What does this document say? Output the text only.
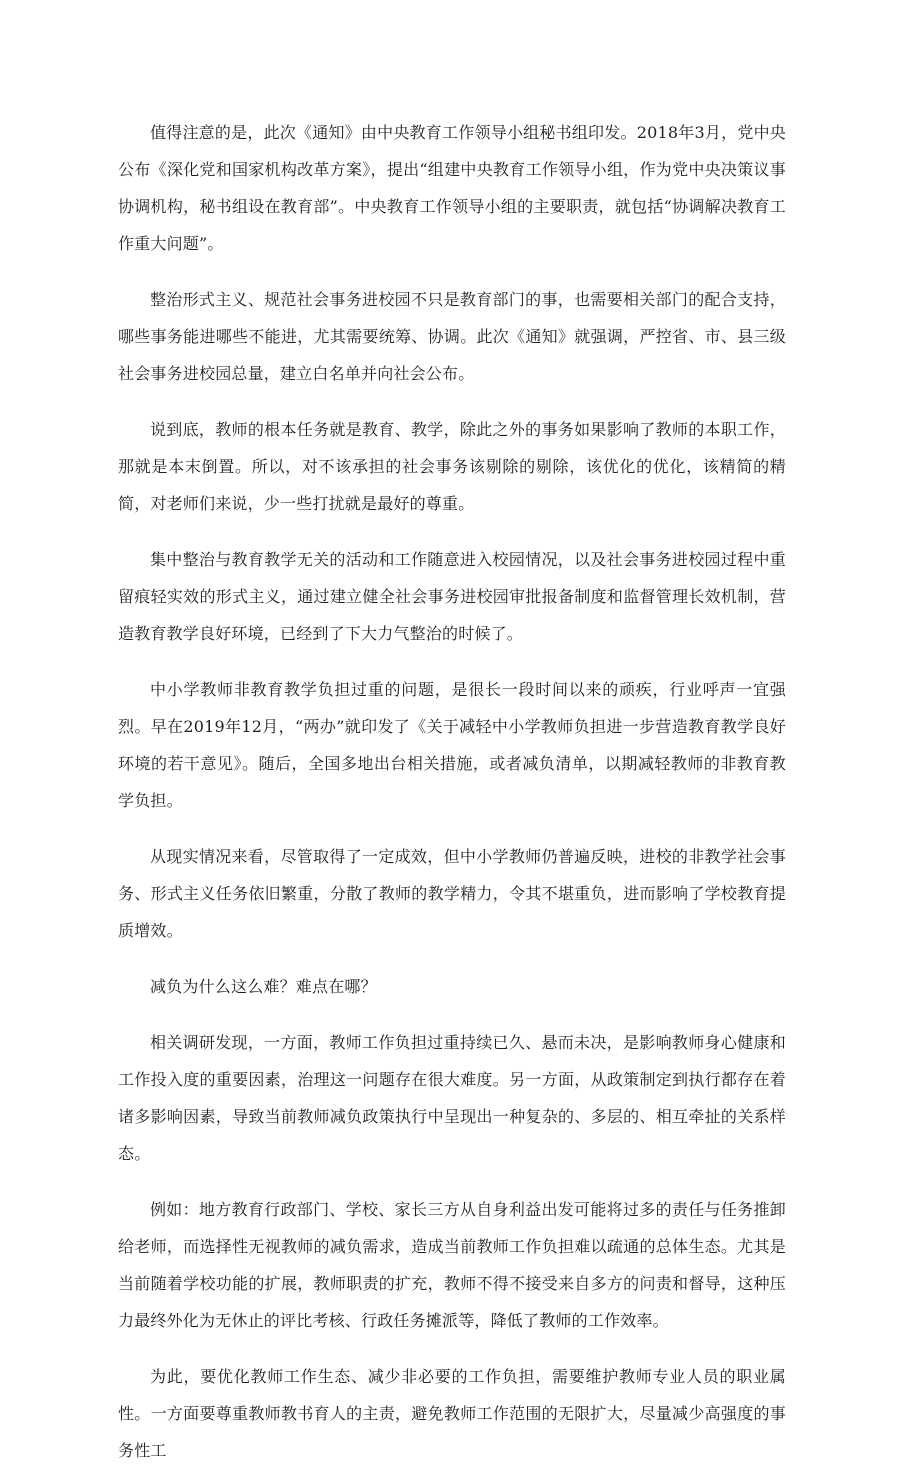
值得注意的是，此次《通知》由中央教育工作领导小组秘书组印发。2018年3月，党中央公布《深化党和国家机构改革方案》，提出“组建中央教育工作领导小组，作为党中央决策议事协调机构，秘书组设在教育部”。中央教育工作领导小组的主要职责，就包括“协调解决教育工作重大问题”。

整治形式主义、规范社会事务进校园不只是教育部门的事，也需要相关部门的配合支持，哪些事务能进哪些不能进，尤其需要统筹、协调。此次《通知》就强调，严控省、市、县三级社会事务进校园总量，建立白名单并向社会公布。

说到底，教师的根本任务就是教育、教学，除此之外的事务如果影响了教师的本职工作，那就是本末倒置。所以，对不该承担的社会事务该剔除的剔除，该优化的优化，该精简的精简，对老师们来说，少一些打扰就是最好的尊重。

集中整治与教育教学无关的活动和工作随意进入校园情况，以及社会事务进校园过程中重留痕轻实效的形式主义，通过建立健全社会事务进校园审批报备制度和监督管理长效机制，营造教育教学良好环境，已经到了下大力气整治的时候了。

中小学教师非教育教学负担过重的问题，是很长一段时间以来的顽疾，行业呼声一宜强烈。早在2019年12月，“两办”就印发了《关于减轻中小学教师负担进一步营造教育教学良好环境的若干意见》。随后，全国多地出台相关措施，或者减负清单，以期减轻教师的非教育教学负担。

从现实情况来看，尽管取得了一定成效，但中小学教师仍普遍反映，进校的非教学社会事务、形式主义任务依旧繁重，分散了教师的教学精力，令其不堪重负，进而影响了学校教育提质增效。

减负为什么这么难？难点在哪？

相关调研发现，一方面，教师工作负担过重持续已久、悬而未决，是影响教师身心健康和工作投入度的重要因素，治理这一问题存在很大难度。另一方面，从政策制定到执行都存在着诸多影响因素，导致当前教师减负政策执行中呈现出一种复杂的、多层的、相互牵扯的关系样态。

例如：地方教育行政部门、学校、家长三方从自身利益出发可能将过多的责任与任务推卸给老师，而选择性无视教师的减负需求，造成当前教师工作负担难以疏通的总体生态。尤其是当前随着学校功能的扩展，教师职责的扩充，教师不得不接受来自多方的问责和督导，这种压力最终外化为无休止的评比考核、行政任务摊派等，降低了教师的工作效率。

为此，要优化教师工作生态、减少非必要的工作负担，需要维护教师专业人员的职业属性。一方面要尊重教师教书育人的主责，避免教师工作范围的无限扩大，尽量减少高强度的事务性工
